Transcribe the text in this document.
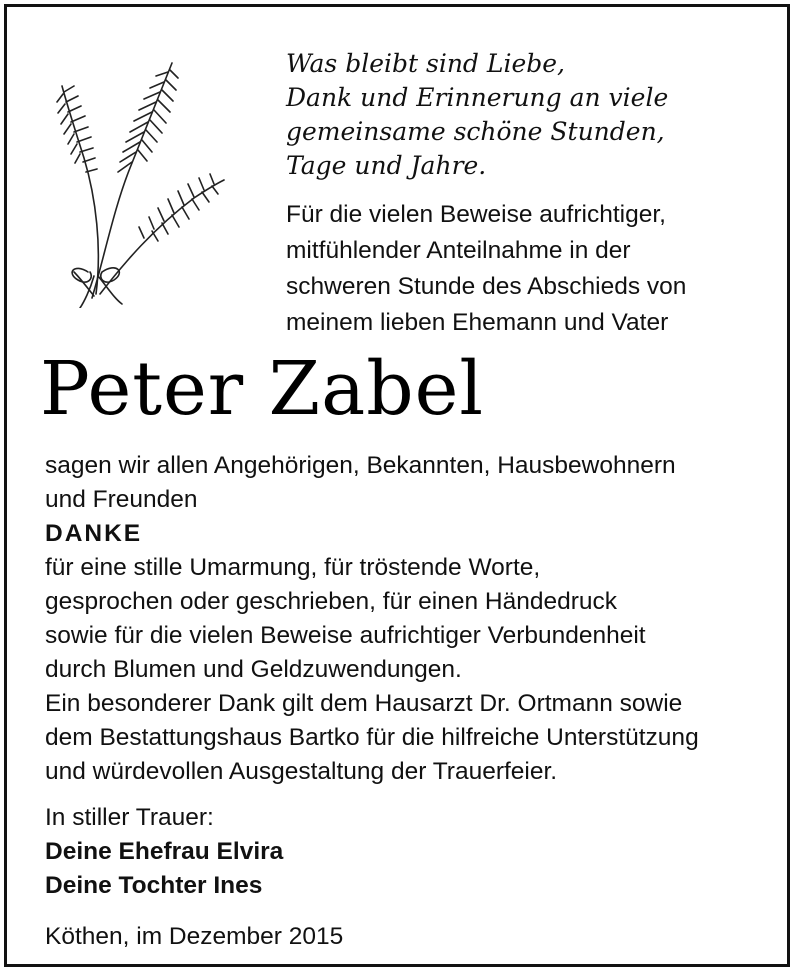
Was bleibt sind Liebe,
Dank und Erinnerung an viele
gemeinsame schöne Stunden,
Tage und Jahre.
Für die vielen Beweise aufrichtiger,
mitfühlender Anteilnahme in der
schweren Stunde des Abschieds von
meinem lieben Ehemann und Vater
Peter Zabel
sagen wir allen Angehörigen, Bekannten, Hausbewohnern
und Freunden
DANKE
für eine stille Umarmung, für tröstende Worte,
gesprochen oder geschrieben, für einen Händedruck
sowie für die vielen Beweise aufrichtiger Verbundenheit
durch Blumen und Geldzuwendungen.
Ein besonderer Dank gilt dem Hausarzt Dr. Ortmann sowie
dem Bestattungshaus Bartko für die hilfreiche Unterstützung
und würdevollen Ausgestaltung der Trauerfeier.
In stiller Trauer:
Deine Ehefrau Elvira
Deine Tochter Ines
Köthen, im Dezember 2015
